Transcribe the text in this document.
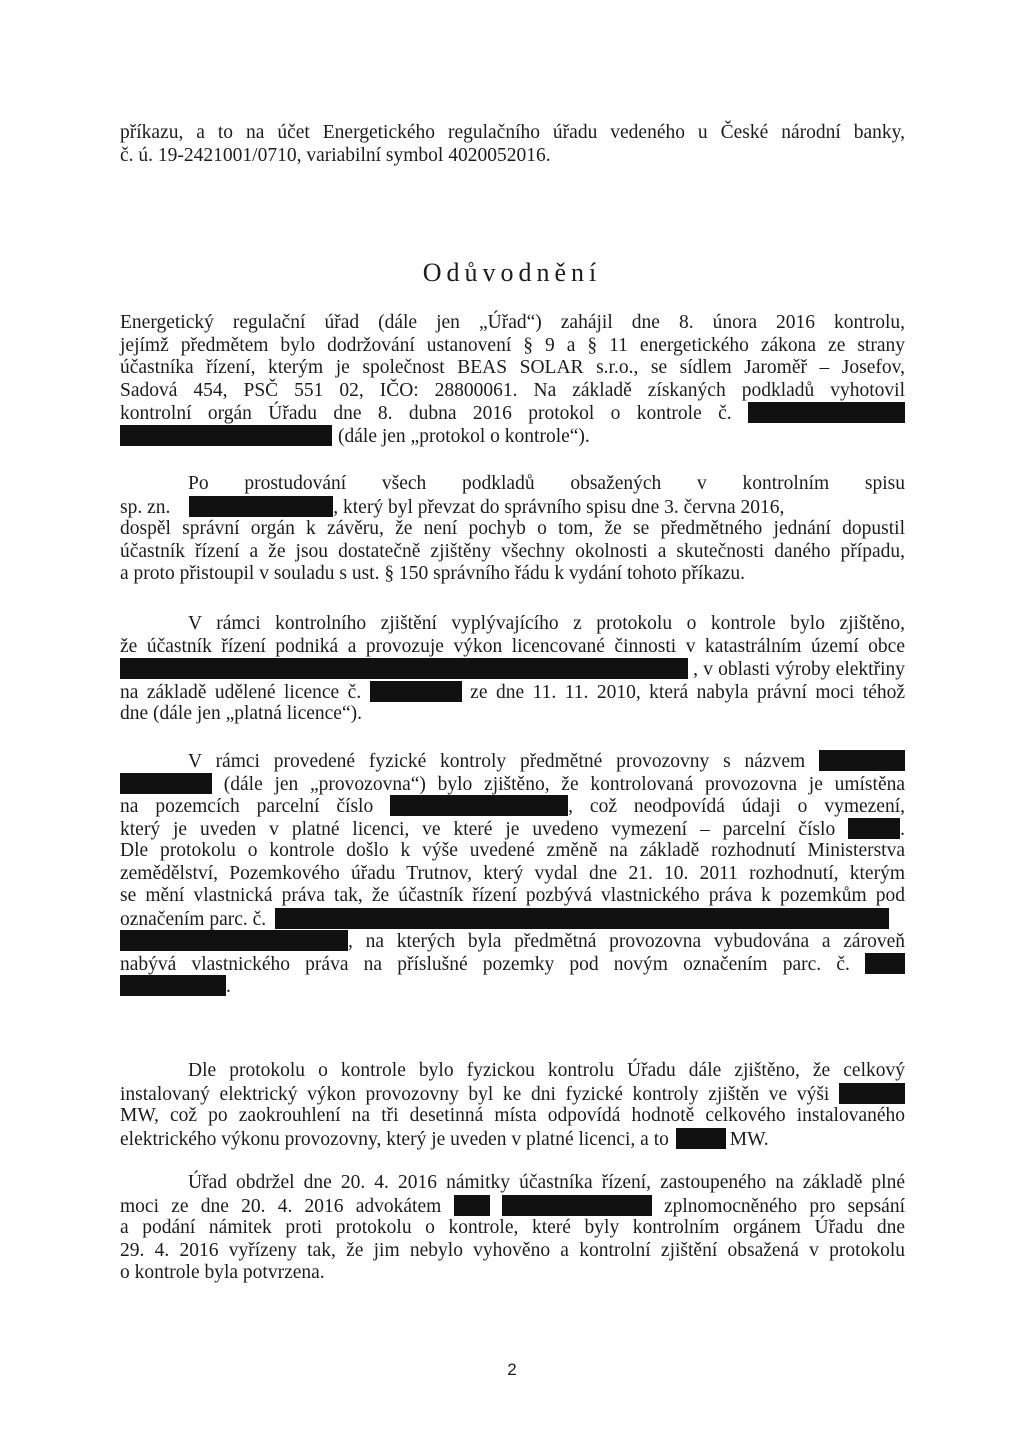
příkazu, a to na účet Energetického regulačního úřadu vedeného u České národní banky,
č. ú. 19-2421001/0710, variabilní symbol 4020052016.
Odůvodnění
Energetický regulační úřad (dále jen „Úřad“) zahájil dne 8. února 2016 kontrolu,
jejímž předmětem bylo dodržování ustanovení § 9 a § 11 energetického zákona ze strany
účastníka řízení, kterým je společnost BEAS SOLAR s.r.o., se sídlem Jaroměř – Josefov,
Sadová 454, PSČ 551 02, IČO: 28800061. Na základě získaných podkladů vyhotovil
kontrolní orgán Úřadu dne 8. dubna 2016 protokol o kontrole č.
(dále jen „protokol o kontrole“).
Po prostudování všech podkladů obsažených v kontrolním spisu
sp. zn.	, který byl převzat do správního spisu dne 3. června 2016,
dospěl správní orgán k závěru, že není pochyb o tom, že se předmětného jednání dopustil
účastník řízení a že jsou dostatečně zjištěny všechny okolnosti a skutečnosti daného případu,
a proto přistoupil v souladu s ust. § 150 správního řádu k vydání tohoto příkazu.
V rámci kontrolního zjištění vyplývajícího z protokolu o kontrole bylo zjištěno,
že účastník řízení podniká a provozuje výkon licencované činnosti v katastrálním území obce
, v oblasti výroby elektřiny
na základě udělené licence č.	ze dne 11. 11. 2010, která nabyla právní moci téhož
dne (dále jen „platná licence“).
V rámci provedené fyzické kontroly předmětné provozovny s názvem
(dále jen „provozovna“) bylo zjištěno, že kontrolovaná provozovna je umístěna
na pozemcích parcelní číslo	, což neodpovídá údaji o vymezení,
který je uveden v platné licenci, ve které je uvedeno vymezení – parcelní číslo	.
Dle protokolu o kontrole došlo k výše uvedené změně na základě rozhodnutí Ministerstva
zemědělství, Pozemkového úřadu Trutnov, který vydal dne 21. 10. 2011 rozhodnutí, kterým
se mění vlastnická práva tak, že účastník řízení pozbývá vlastnického práva k pozemkům pod
označením parc. č.
, na kterých byla předmětná provozovna vybudována a zároveň
nabývá vlastnického práva na příslušné pozemky pod novým označením parc. č.
.
Dle protokolu o kontrole bylo fyzickou kontrolu Úřadu dále zjištěno, že celkový
instalovaný elektrický výkon provozovny byl ke dni fyzické kontroly zjištěn ve výši
MW, což po zaokrouhlení na tři desetinná místa odpovídá hodnotě celkového instalovaného
elektrického výkonu provozovny, který je uveden v platné licenci, a to	MW.
Úřad obdržel dne 20. 4. 2016 námitky účastníka řízení, zastoupeného na základě plné
moci ze dne 20. 4. 2016 advokátem	zplnomocněného pro sepsání
a podání námitek proti protokolu o kontrole, které byly kontrolním orgánem Úřadu dne
29. 4. 2016 vyřízeny tak, že jim nebylo vyhověno a kontrolní zjištění obsažená v protokolu
o kontrole byla potvrzena.
2
